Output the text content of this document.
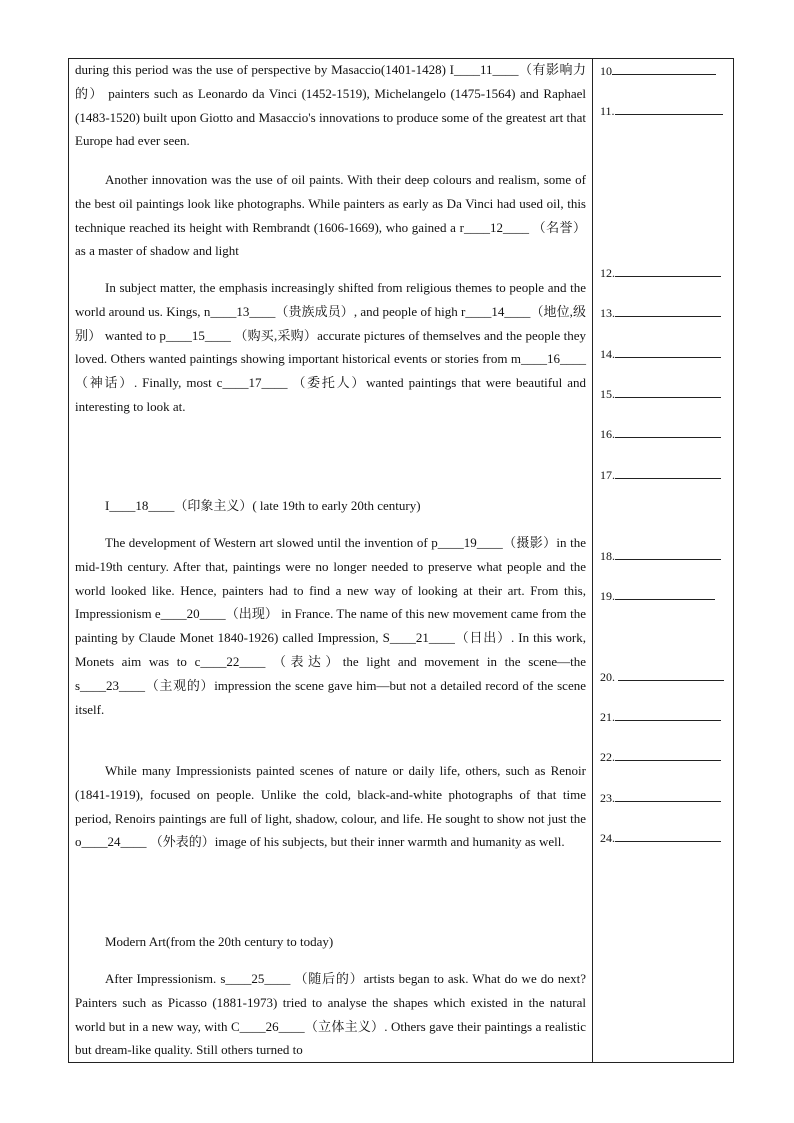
during this period was the use of perspective by Masaccio(1401-1428) I____11____（有影响力的） painters such as Leonardo da Vinci (1452-1519), Michelangelo (1475-1564) and Raphael (1483-1520) built upon Giotto and Masaccio's innovations to produce some of the greatest art that Europe had ever seen.

Another innovation was the use of oil paints. With their deep colours and realism, some of the best oil paintings look like photographs. While painters as early as Da Vinci had used oil, this technique reached its height with Rembrandt (1606-1669), who gained a r____12____ （名誉）as a master of shadow and light

In subject matter, the emphasis increasingly shifted from religious themes to people and the world around us. Kings, n____13____（贵族成员）, and people of high r____14____（地位,级别） wanted to p____15____ （购买,采购）accurate pictures of themselves and the people they loved. Others wanted paintings showing important historical events or stories from m____16____（神话）. Finally, most c____17____ （委托人）wanted paintings that were beautiful and interesting to look at.

I____18____（印象主义）( late 19th to early 20th century)

The development of Western art slowed until the invention of p____19____（摄影）in the mid-19th century. After that, paintings were no longer needed to preserve what people and the world looked like. Hence, painters had to find a new way of looking at their art. From this, Impressionism e____20____（出现） in France. The name of this new movement came from the painting by Claude Monet 1840-1926) called Impression, S____21____（日出）. In this work, Monets aim was to c____22____ （表达）the light and movement in the scene—the s____23____（主观的）impression the scene gave him—but not a detailed record of the scene itself.

While many Impressionists painted scenes of nature or daily life, others, such as Renoir (1841-1919), focused on people. Unlike the cold, black-and-white photographs of that time period, Renoirs paintings are full of light, shadow, colour, and life. He sought to show not just the o____24____ （外表的）image of his subjects, but their inner warmth and humanity as well.

Modern Art(from the 20th century to today)

After Impressionism. s____25____ （随后的）artists began to ask. What do we do next? Painters such as Picasso (1881-1973) tried to analyse the shapes which existed in the natural world but in a new way, with C____26____（立体主义）. Others gave their paintings a realistic but dream-like quality. Still others turned to

10
11.
12.
13.
14.
15.
16.
17.
18.
19.
20.
21.
22.
23.
24.
